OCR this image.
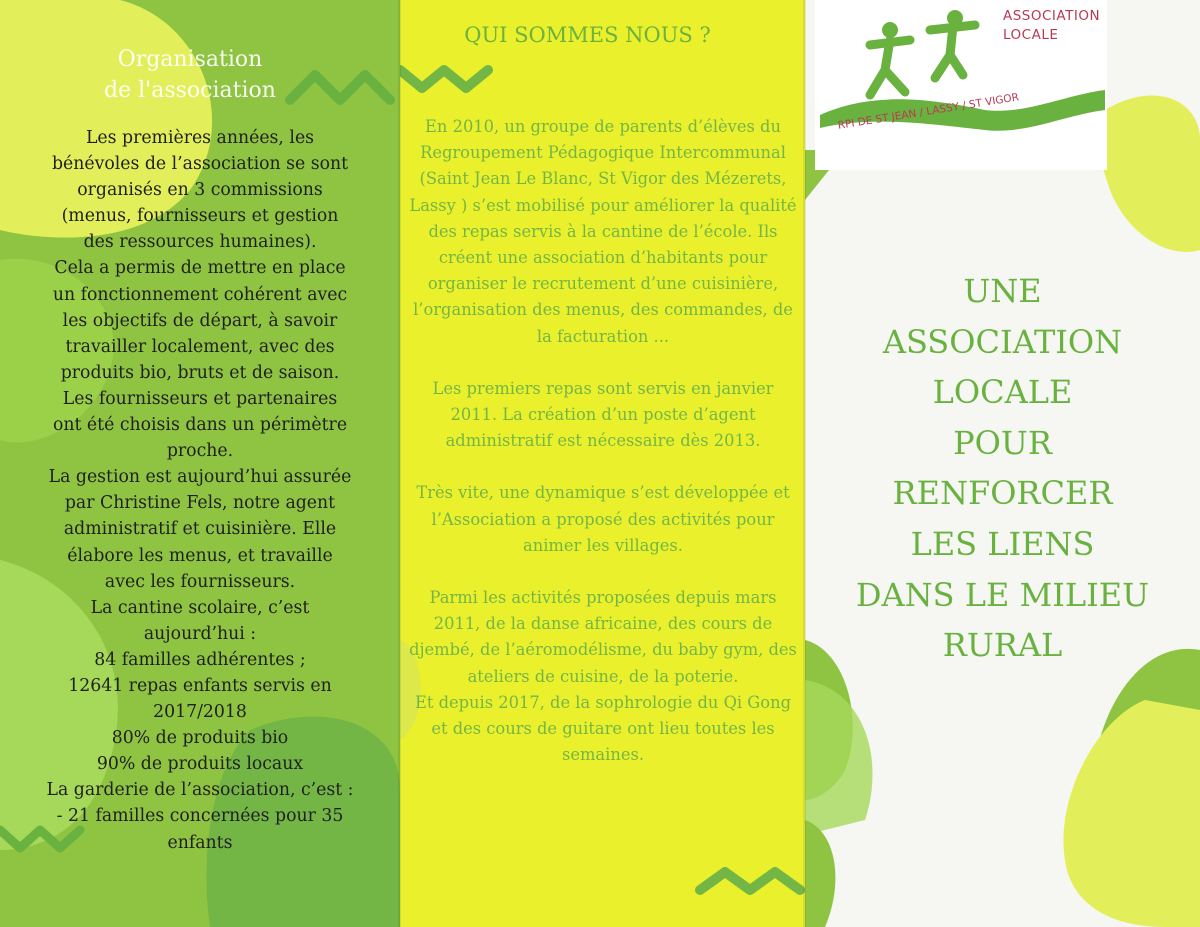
Organisation
de l'association
Les premières années, les
bénévoles de l’association se sont
organisés en 3 commissions
(menus, fournisseurs et gestion
des ressources humaines).
Cela a permis de mettre en place
un fonctionnement cohérent avec
les objectifs de départ, à savoir
travailler localement, avec des
produits bio, bruts et de saison.
Les fournisseurs et partenaires
ont été choisis dans un périmètre
proche.
La gestion est aujourd’hui assurée
par Christine Fels, notre agent
administratif et cuisinière. Elle
élabore les menus, et travaille
avec les fournisseurs.
La cantine scolaire, c’est
aujourd’hui :
84 familles adhérentes ;
12641 repas enfants servis en
2017/2018
80% de produits bio
90% de produits locaux
La garderie de l’association, c’est :
- 21 familles concernées pour 35
enfants
QUI SOMMES NOUS ?

En 2010, un groupe de parents d’élèves du Regroupement Pédagogique Intercommunal (Saint Jean Le Blanc, St Vigor des Mézerets, Lassy ) s’est mobilisé pour améliorer la qualité des repas servis à la cantine de l’école. Ils créent une association d’habitants pour organiser le recrutement d’une cuisinière, l’organisation des menus, des commandes, de la facturation ...

Les premiers repas sont servis en janvier 2011. La création d’un poste d’agent administratif est nécessaire dès 2013.

Très vite, une dynamique s’est développée et l’Association a proposé des activités pour animer les villages.

Parmi les activités proposées depuis mars 2011, de la danse africaine, des cours de djembé, de l’aéromodélisme, du baby gym, des ateliers de cuisine, de la poterie.

Et depuis 2017, de la sophrologie du Qi Gong et des cours de guitare ont lieu toutes les semaines.

ASSOCIATION
LOCALE
RPI DE ST JEAN / LASSY / ST VIGOR
UNE
ASSOCIATION
LOCALE
POUR
RENFORCER
LES LIENS
DANS LE MILIEU
RURAL
